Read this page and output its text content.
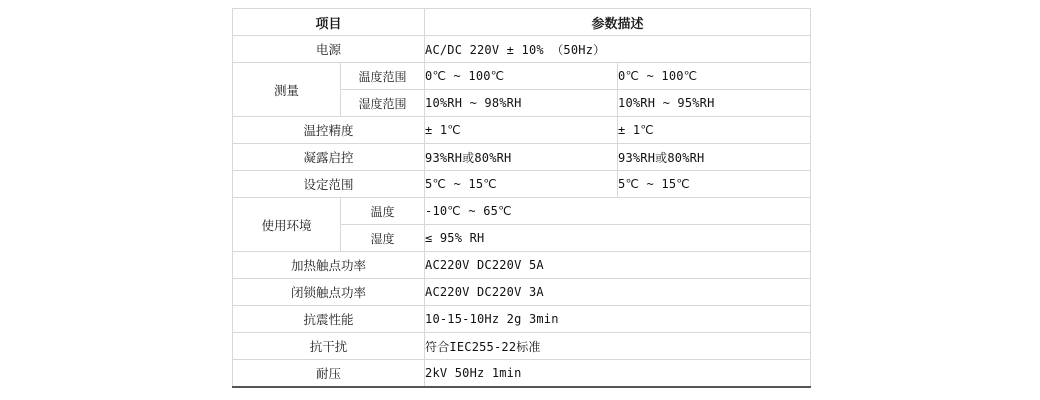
项目		参数描述	
电源		AC/DC 220V ± 10% （50Hz）	
测量	温度范围	0℃ ~ 100℃	0℃ ~ 100℃
	湿度范围	10%RH ~ 98%RH	10%RH ~ 95%RH
温控精度		± 1℃	± 1℃
凝露启控		93%RH或80%RH	93%RH或80%RH
设定范围		5℃ ~ 15℃	5℃ ~ 15℃
使用环境	温度	-10℃ ~ 65℃	
	湿度	≤ 95% RH	
加热触点功率		AC220V DC220V 5A	
闭锁触点功率		AC220V DC220V 3A	
抗震性能		10-15-10Hz 2g 3min	
抗干扰		符合IEC255-22标准	
耐压		2kV 50Hz 1min	
